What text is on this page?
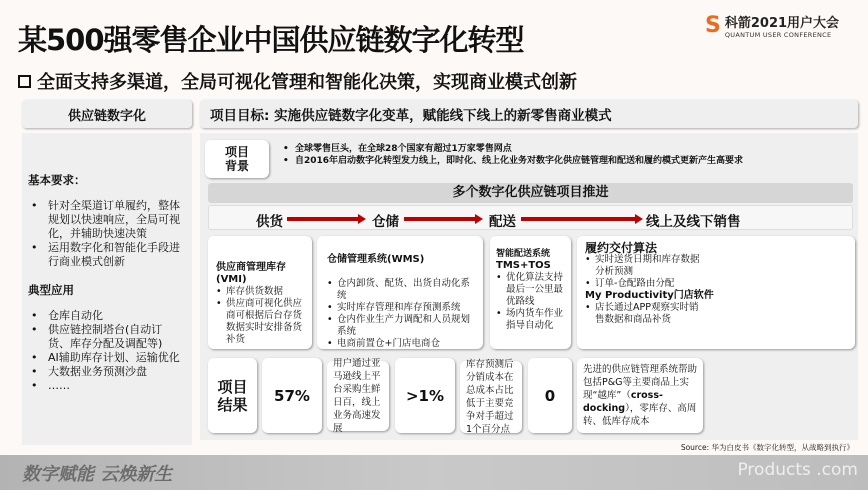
某500强零售企业中国供应链数字化转型	S 科箭2021用户大会
QUANTUM USER CONFERENCE
全面支持多渠道，全局可视化管理和智能化决策，实现商业模式创新
供应链数字化
基本要求：
• 针对全渠道订单履约，整体规划以快速响应，全局可视化，并辅助快速决策
• 运用数字化和智能化手段进行商业模式创新
典型应用
• 仓库自动化
• 供应链控制塔台(自动订货、库存分配及调配等)
• AI辅助库存计划、运输优化
• 大数据业务预测沙盘
• ……
项目目标: 实施供应链数字化变革，赋能线下线上的新零售商业模式
项目
背景
• 全球零售巨头，在全球28个国家有超过1万家零售网点
• 自2016年启动数字化转型发力线上，即时化、线上化业务对数字化供应链管理和配送和履约模式更新产生高要求
多个数字化供应链项目推进
供货	仓储	配送	线上及线下销售
供应商管理库存 (VMI)
• 库存供货数据
• 供应商可视化供应商可根据后台存货数据实时安排备货补货
仓储管理系统(WMS)
• 仓内卸货、配货、出货自动化系统
• 实时库存管理和库存预测系统
• 仓内作业生产力调配和人员规划系统
• 电商前置仓+门店电商仓
智能配送系统
TMS+TOS
• 优化算法支持最后一公里最优路线
• 场内货车作业指导自动化
履约交付算法
• 实时送货日期和库存数据分析预测
• 订单-仓配路由分配
My Productivity门店软件
• 店长通过APP观察实时销售数据和商品补货
项目
结果	57%
用户通过亚马逊线上平台采购生鲜日百，线上业务高速发展
>1%
库存预测后分销成本在总成本占比低于主要竞争对手超过1个百分点
0
先进的供应链管理系统帮助包括P&G等主要商品上实现“越库”（cross- docking），零库存、高周转、低库存成本
Source: 华为白皮书《数字化转型，从战略到执行》
数字赋能 云焕新生	Products .com
